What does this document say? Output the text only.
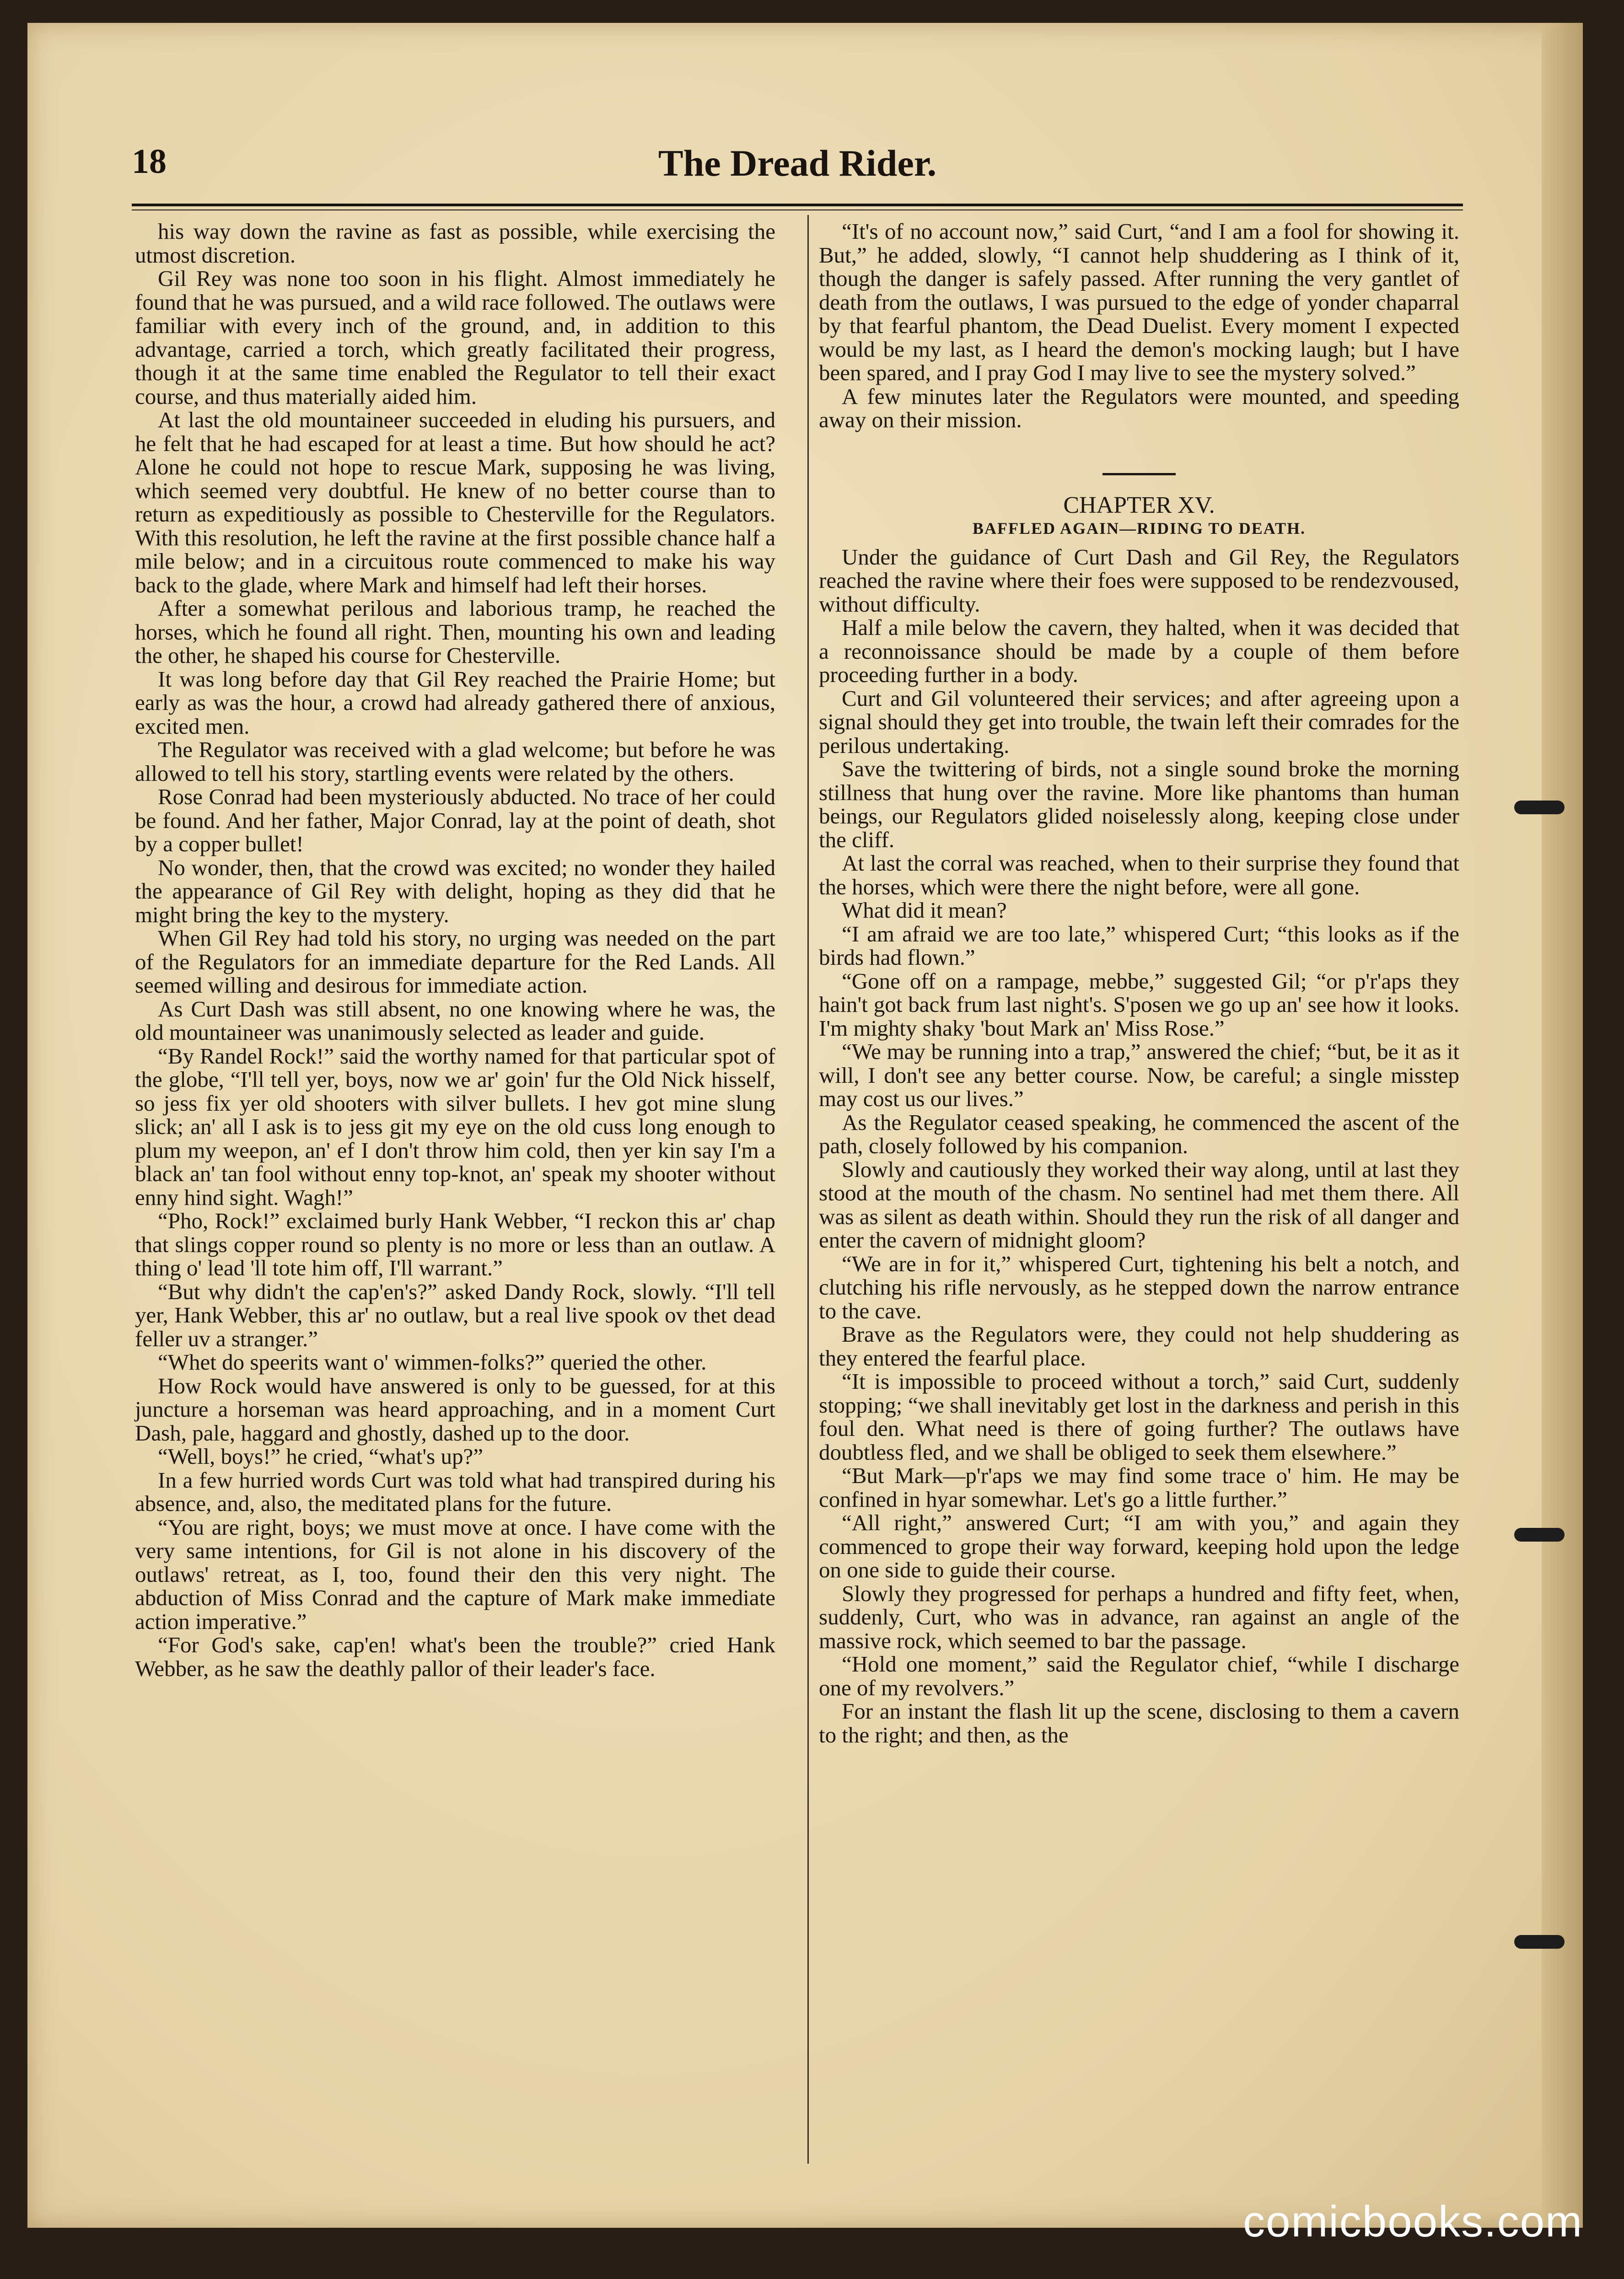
18	The Dread Rider.

his way down the ravine as fast as possible, while exercising the utmost discretion.

Gil Rey was none too soon in his flight. Almost immediately he found that he was pursued, and a wild race followed. The outlaws were familiar with every inch of the ground, and, in addition to this advantage, carried a torch, which greatly facilitated their progress, though it at the same time enabled the Regulator to tell their exact course, and thus materially aided him.

At last the old mountaineer succeeded in eluding his pursuers, and he felt that he had escaped for at least a time. But how should he act? Alone he could not hope to rescue Mark, supposing he was living, which seemed very doubtful. He knew of no better course than to return as expeditiously as possible to Chesterville for the Regulators. With this resolution, he left the ravine at the first possible chance half a mile below; and in a circuitous route commenced to make his way back to the glade, where Mark and himself had left their horses.

After a somewhat perilous and laborious tramp, he reached the horses, which he found all right. Then, mounting his own and leading the other, he shaped his course for Chesterville.

It was long before day that Gil Rey reached the Prairie Home; but early as was the hour, a crowd had already gathered there of anxious, excited men.

The Regulator was received with a glad welcome; but before he was allowed to tell his story, startling events were related by the others.

Rose Conrad had been mysteriously abducted. No trace of her could be found. And her father, Major Conrad, lay at the point of death, shot by a copper bullet!

No wonder, then, that the crowd was excited; no wonder they hailed the appearance of Gil Rey with delight, hoping as they did that he might bring the key to the mystery.

When Gil Rey had told his story, no urging was needed on the part of the Regulators for an immediate departure for the Red Lands. All seemed willing and desirous for immediate action.

As Curt Dash was still absent, no one knowing where he was, the old mountaineer was unanimously selected as leader and guide.

“By Randel Rock!” said the worthy named for that particular spot of the globe, “I'll tell yer, boys, now we ar' goin' fur the Old Nick hisself, so jess fix yer old shooters with silver bullets. I hev got mine slung slick; an' all I ask is to jess git my eye on the old cuss long enough to plum my weepon, an' ef I don't throw him cold, then yer kin say I'm a black an' tan fool without enny top-knot, an' speak my shooter without enny hind sight. Wagh!”

“Pho, Rock!” exclaimed burly Hank Webber, “I reckon this ar' chap that slings copper round so plenty is no more or less than an outlaw. A thing o' lead 'll tote him off, I'll warrant.”

“But why didn't the cap'en's?” asked Dandy Rock, slowly. “I'll tell yer, Hank Webber, this ar' no outlaw, but a real live spook ov thet dead feller uv a stranger.”

“Whet do speerits want o' wimmen-folks?” queried the other.

How Rock would have answered is only to be guessed, for at this juncture a horseman was heard approaching, and in a moment Curt Dash, pale, haggard and ghostly, dashed up to the door.

“Well, boys!” he cried, “what's up?”

In a few hurried words Curt was told what had transpired during his absence, and, also, the meditated plans for the future.

“You are right, boys; we must move at once. I have come with the very same intentions, for Gil is not alone in his discovery of the outlaws' retreat, as I, too, found their den this very night. The abduction of Miss Conrad and the capture of Mark make immediate action imperative.”

“For God's sake, cap'en! what's been the trouble?” cried Hank Webber, as he saw the deathly pallor of their leader's face.

“It's of no account now,” said Curt, “and I am a fool for showing it. But,” he added, slowly, “I cannot help shuddering as I think of it, though the danger is safely passed. After running the very gantlet of death from the outlaws, I was pursued to the edge of yonder chaparral by that fearful phantom, the Dead Duelist. Every moment I expected would be my last, as I heard the demon's mocking laugh; but I have been spared, and I pray God I may live to see the mystery solved.”

A few minutes later the Regulators were mounted, and speeding away on their mission.

CHAPTER XV.

BAFFLED AGAIN—RIDING TO DEATH.

Under the guidance of Curt Dash and Gil Rey, the Regulators reached the ravine where their foes were supposed to be rendezvoused, without difficulty.

Half a mile below the cavern, they halted, when it was decided that a reconnoissance should be made by a couple of them before proceeding further in a body.

Curt and Gil volunteered their services; and after agreeing upon a signal should they get into trouble, the twain left their comrades for the perilous undertaking.

Save the twittering of birds, not a single sound broke the morning stillness that hung over the ravine. More like phantoms than human beings, our Regulators glided noiselessly along, keeping close under the cliff.

At last the corral was reached, when to their surprise they found that the horses, which were there the night before, were all gone.

What did it mean?

“I am afraid we are too late,” whispered Curt; “this looks as if the birds had flown.”

“Gone off on a rampage, mebbe,” suggested Gil; “or p'r'aps they hain't got back frum last night's. S'posen we go up an' see how it looks. I'm mighty shaky 'bout Mark an' Miss Rose.”

“We may be running into a trap,” answered the chief; “but, be it as it will, I don't see any better course. Now, be careful; a single misstep may cost us our lives.”

As the Regulator ceased speaking, he commenced the ascent of the path, closely followed by his companion.

Slowly and cautiously they worked their way along, until at last they stood at the mouth of the chasm. No sentinel had met them there. All was as silent as death within. Should they run the risk of all danger and enter the cavern of midnight gloom?

“We are in for it,” whispered Curt, tightening his belt a notch, and clutching his rifle nervously, as he stepped down the narrow entrance to the cave.

Brave as the Regulators were, they could not help shuddering as they entered the fearful place.

“It is impossible to proceed without a torch,” said Curt, suddenly stopping; “we shall inevitably get lost in the darkness and perish in this foul den. What need is there of going further? The outlaws have doubtless fled, and we shall be obliged to seek them elsewhere.”

“But Mark—p'r'aps we may find some trace o' him. He may be confined in hyar somewhar. Let's go a little further.”

“All right,” answered Curt; “I am with you,” and again they commenced to grope their way forward, keeping hold upon the ledge on one side to guide their course.

Slowly they progressed for perhaps a hundred and fifty feet, when, suddenly, Curt, who was in advance, ran against an angle of the massive rock, which seemed to bar the passage.

“Hold one moment,” said the Regulator chief, “while I discharge one of my revolvers.”

For an instant the flash lit up the scene, disclosing to them a cavern to the right; and then, as the

comicbooks.com
